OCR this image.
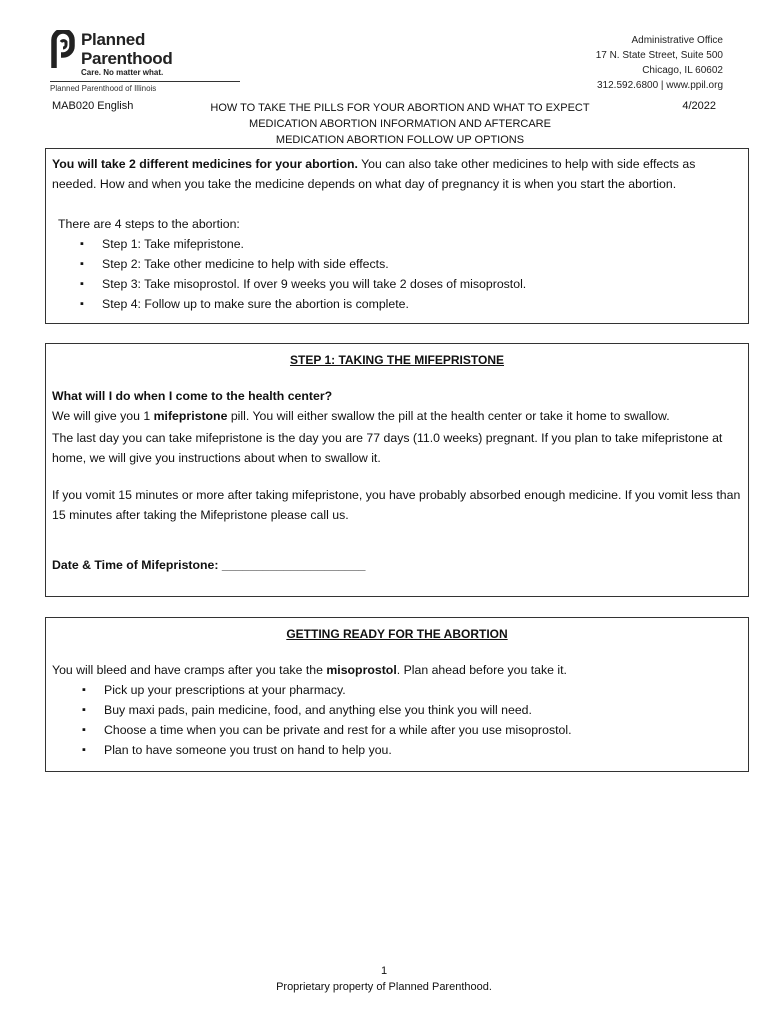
Planned
Parenthood
Care. No matter what.
Planned Parenthood of Illinois
Administrative Office
17 N. State Street, Suite 500
Chicago, IL 60602
312.592.6800 | www.ppil.org
MAB020 English	HOW TO TAKE THE PILLS FOR YOUR ABORTION AND WHAT TO EXPECT
MEDICATION ABORTION INFORMATION AND AFTERCARE
MEDICATION ABORTION FOLLOW UP OPTIONS
4/2022

You will take 2 different medicines for your abortion. You can also take other medicines to help with side effects as needed. How and when you take the medicine depends on what day of pregnancy it is when you start the abortion.

There are 4 steps to the abortion:

▪ Step 1: Take mifepristone.
▪ Step 2: Take other medicine to help with side effects.
▪ Step 3: Take misoprostol. If over 9 weeks you will take 2 doses of misoprostol.
▪ Step 4: Follow up to make sure the abortion is complete.
STEP 1: TAKING THE MIFEPRISTONE

What will I do when I come to the health center?

We will give you 1 mifepristone pill. You will either swallow the pill at the health center or take it home to swallow.

The last day you can take mifepristone is the day you are 77 days (11.0 weeks) pregnant. If you plan to take mifepristone at home, we will give you instructions about when to swallow it.

If you vomit 15 minutes or more after taking mifepristone, you have probably absorbed enough medicine. If you vomit less than 15 minutes after taking the Mifepristone please call us.

Date & Time of Mifepristone: _____________________

GETTING READY FOR THE ABORTION

You will bleed and have cramps after you take the misoprostol. Plan ahead before you take it.

▪ Pick up your prescriptions at your pharmacy.
▪ Buy maxi pads, pain medicine, food, and anything else you think you will need.
▪ Choose a time when you can be private and rest for a while after you use misoprostol.
▪ Plan to have someone you trust on hand to help you.
1
Proprietary property of Planned Parenthood.
